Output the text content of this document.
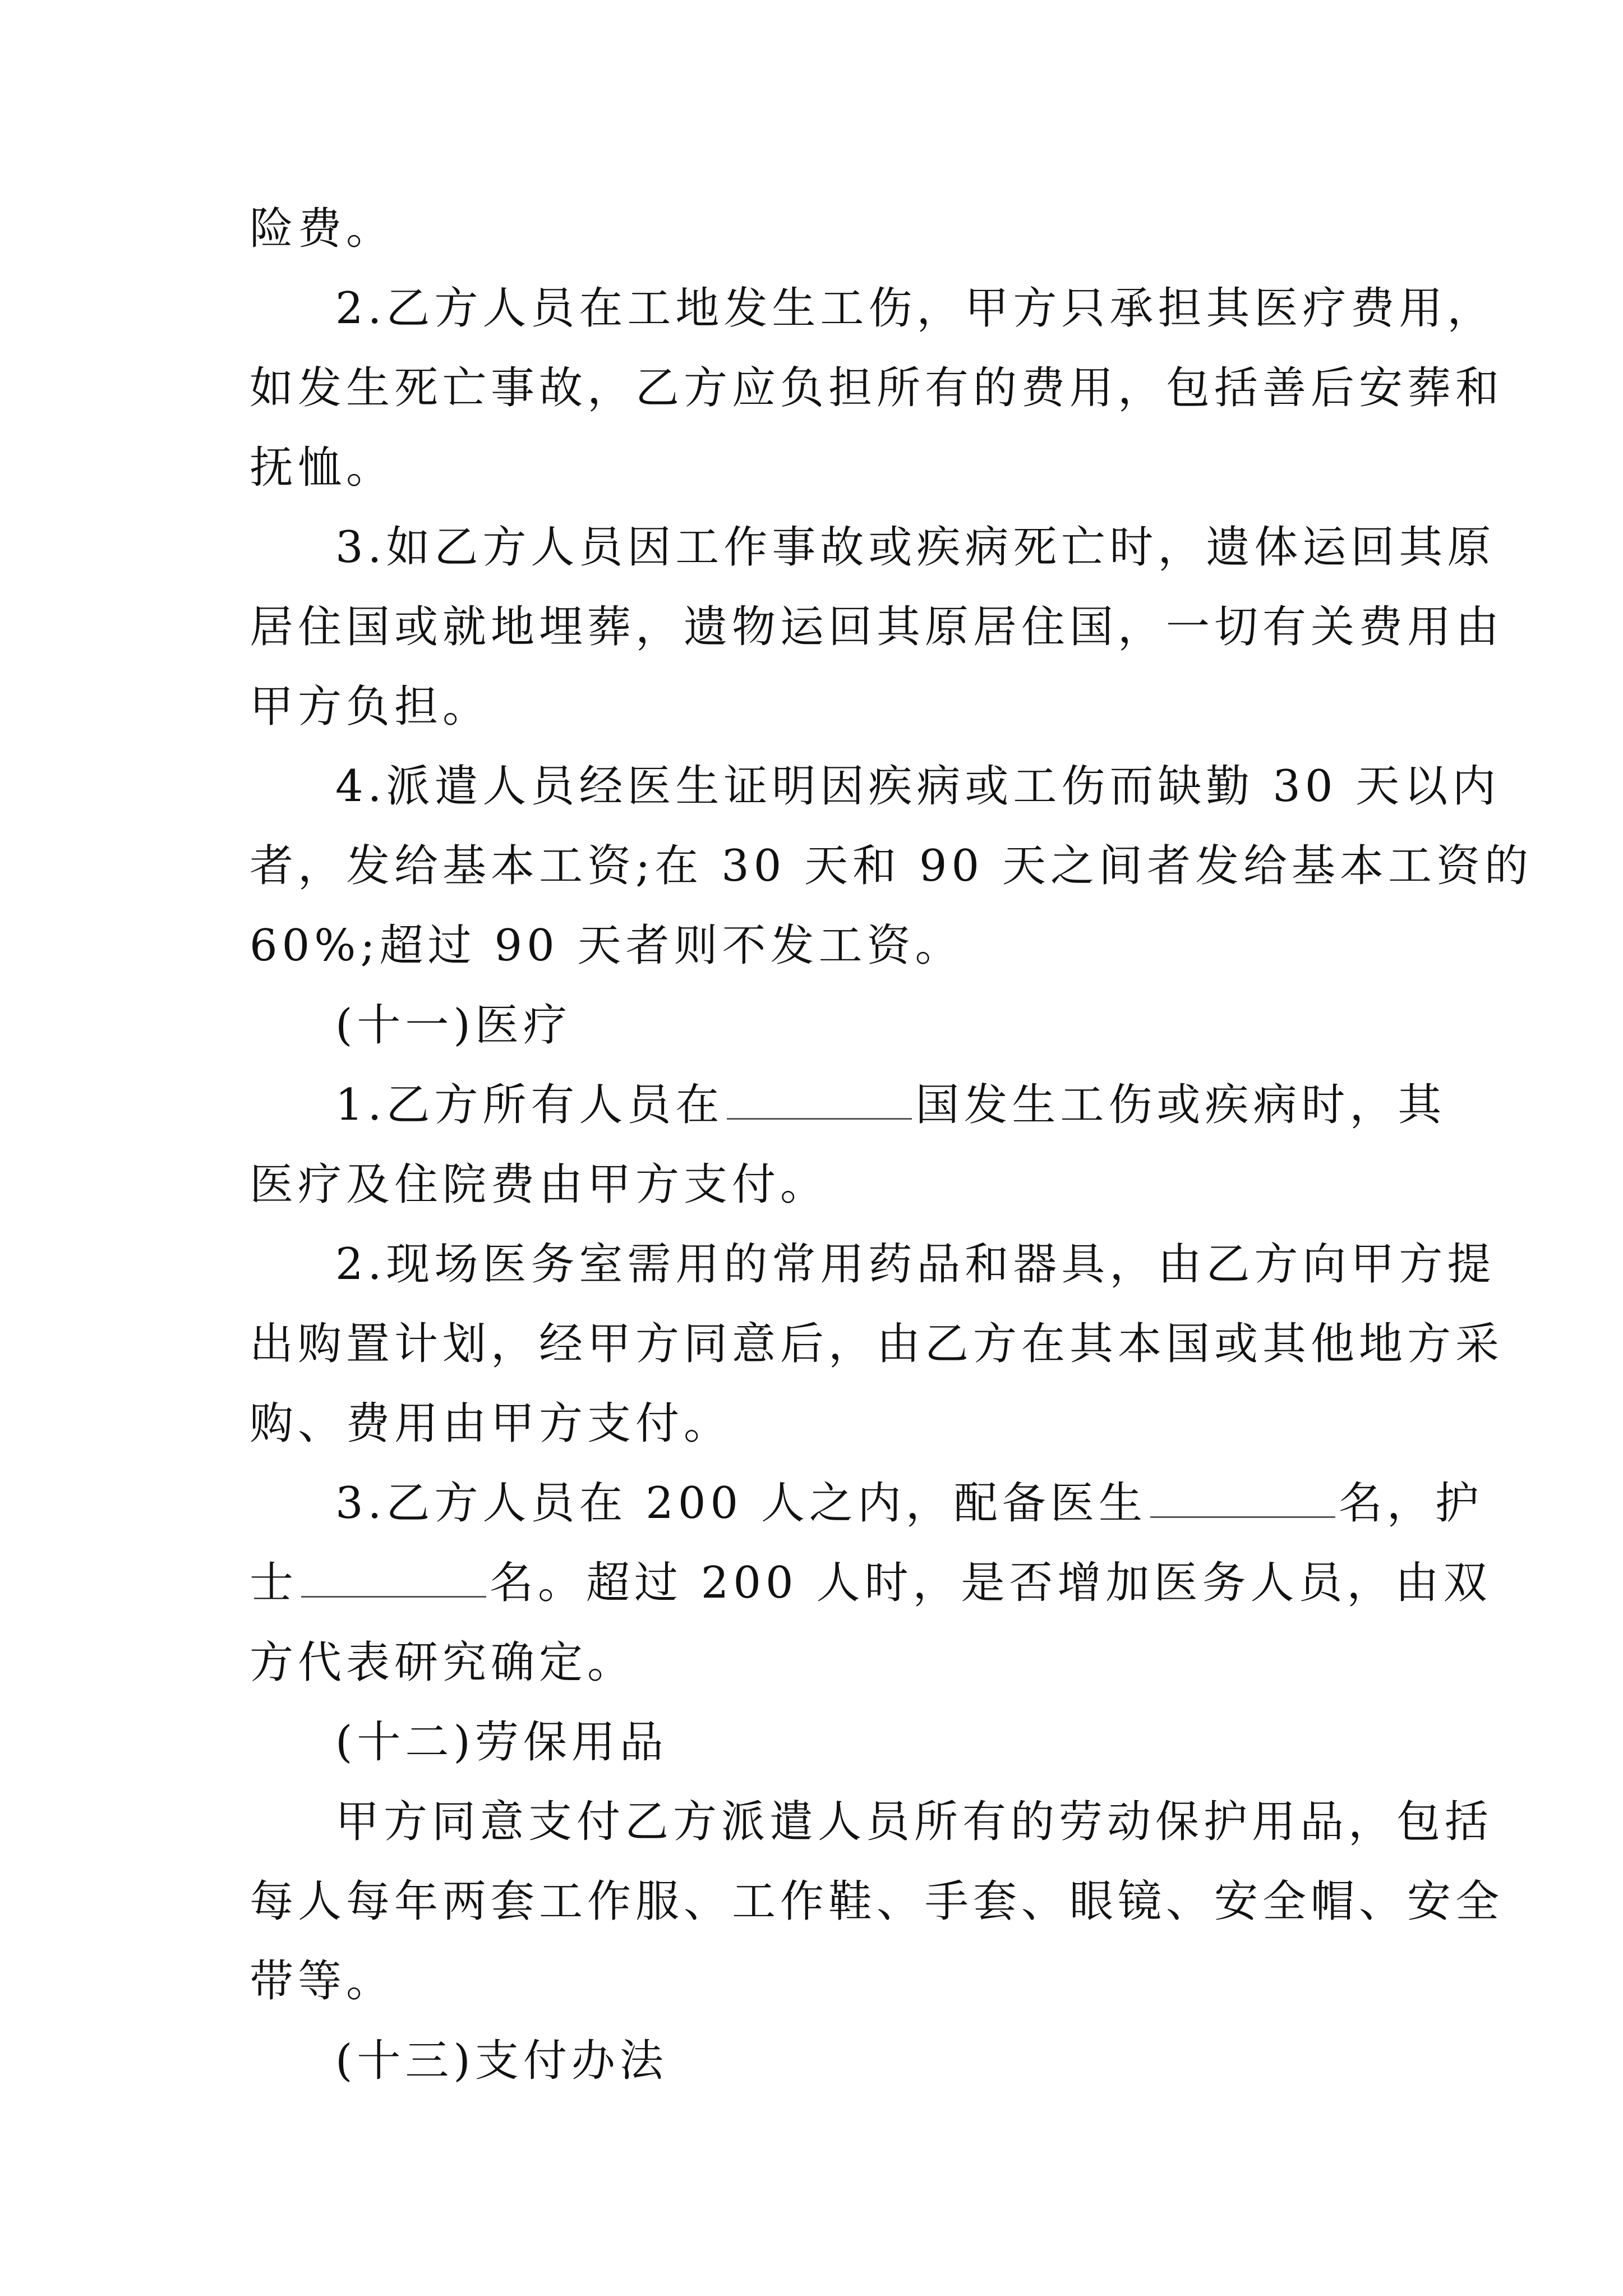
险费。
2.乙方人员在工地发生工伤，甲方只承担其医疗费用，
如发生死亡事故，乙方应负担所有的费用，包括善后安葬和
抚恤。
3.如乙方人员因工作事故或疾病死亡时，遗体运回其原
居住国或就地埋葬，遗物运回其原居住国，一切有关费用由
甲方负担。
4.派遣人员经医生证明因疾病或工伤而缺勤 30 天以内
者，发给基本工资;在 30 天和 90 天之间者发给基本工资的
60%;超过 90 天者则不发工资。
(十一)医疗
1.乙方所有人员在	国发生工伤或疾病时，其
医疗及住院费由甲方支付。
2.现场医务室需用的常用药品和器具，由乙方向甲方提
出购置计划，经甲方同意后，由乙方在其本国或其他地方采
购、费用由甲方支付。
3.乙方人员在 200 人之内，配备医生	名，护
士	名。超过 200 人时，是否增加医务人员，由双
方代表研究确定。
(十二)劳保用品
甲方同意支付乙方派遣人员所有的劳动保护用品，包括
每人每年两套工作服、工作鞋、手套、眼镜、安全帽、安全
带等。
(十三)支付办法
